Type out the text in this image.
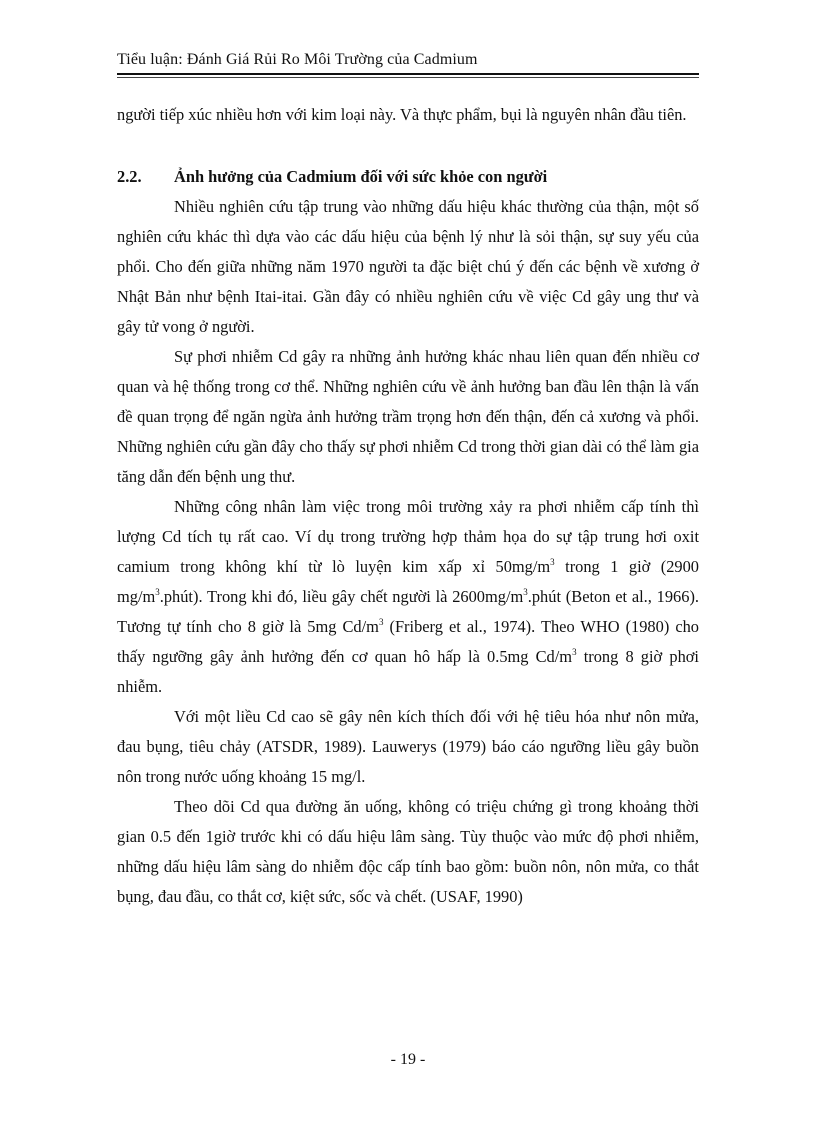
Tiểu luận: Đánh Giá Rủi Ro Môi Trường của Cadmium

người tiếp xúc nhiều hơn với kim loại này. Và thực phẩm, bụi là nguyên nhân đầu tiên.

2.2. Ảnh hưởng của Cadmium đối với sức khỏe con người

Nhiều nghiên cứu tập trung vào những dấu hiệu khác thường của thận, một số nghiên cứu khác thì dựa vào các dấu hiệu của bệnh lý như là sỏi thận, sự suy yếu của phổi. Cho đến giữa những năm 1970 người ta đặc biệt chú ý đến các bệnh về xương ở Nhật Bản như bệnh Itai-itai. Gần đây có nhiều nghiên cứu về việc Cd gây ung thư và gây tử vong ở người.

Sự phơi nhiễm Cd gây ra những ảnh hưởng khác nhau liên quan đến nhiều cơ quan và hệ thống trong cơ thể. Những nghiên cứu về ảnh hưởng ban đầu lên thận là vấn đề quan trọng để ngăn ngừa ảnh hưởng trầm trọng hơn đến thận, đến cả xương và phổi. Những nghiên cứu gần đây cho thấy sự phơi nhiễm Cd trong thời gian dài có thể làm gia tăng dẫn đến bệnh ung thư.

Những công nhân làm việc trong môi trường xảy ra phơi nhiễm cấp tính thì lượng Cd tích tụ rất cao. Ví dụ trong trường hợp thảm họa do sự tập trung hơi oxit camium trong không khí từ lò luyện kim xấp xỉ $50mg/m^3$ trong 1 giờ (2900 $mg/m^3.phút$). Trong khi đó, liều gây chết người là $2600mg/m^3.phút$ (Beton et al., 1966). Tương tự tính cho 8 giờ là 5mg $Cd/m^3$ (Friberg et al., 1974). Theo WHO (1980) cho thấy ngưỡng gây ảnh hưởng đến cơ quan hô hấp là 0.5mg $Cd/m^3$ trong 8 giờ phơi nhiễm.

Với một liều Cd cao sẽ gây nên kích thích đối với hệ tiêu hóa như nôn mửa, đau bụng, tiêu chảy (ATSDR, 1989). Lauwerys (1979) báo cáo ngưỡng liều gây buồn nôn trong nước uống khoảng 15 mg/l.

Theo dõi Cd qua đường ăn uống, không có triệu chứng gì trong khoảng thời gian 0.5 đến 1giờ trước khi có dấu hiệu lâm sàng. Tùy thuộc vào mức độ phơi nhiễm, những dấu hiệu lâm sàng do nhiễm độc cấp tính bao gồm: buồn nôn, nôn mửa, co thắt bụng, đau đầu, co thắt cơ, kiệt sức, sốc và chết. (USAF, 1990)

- 19 -
